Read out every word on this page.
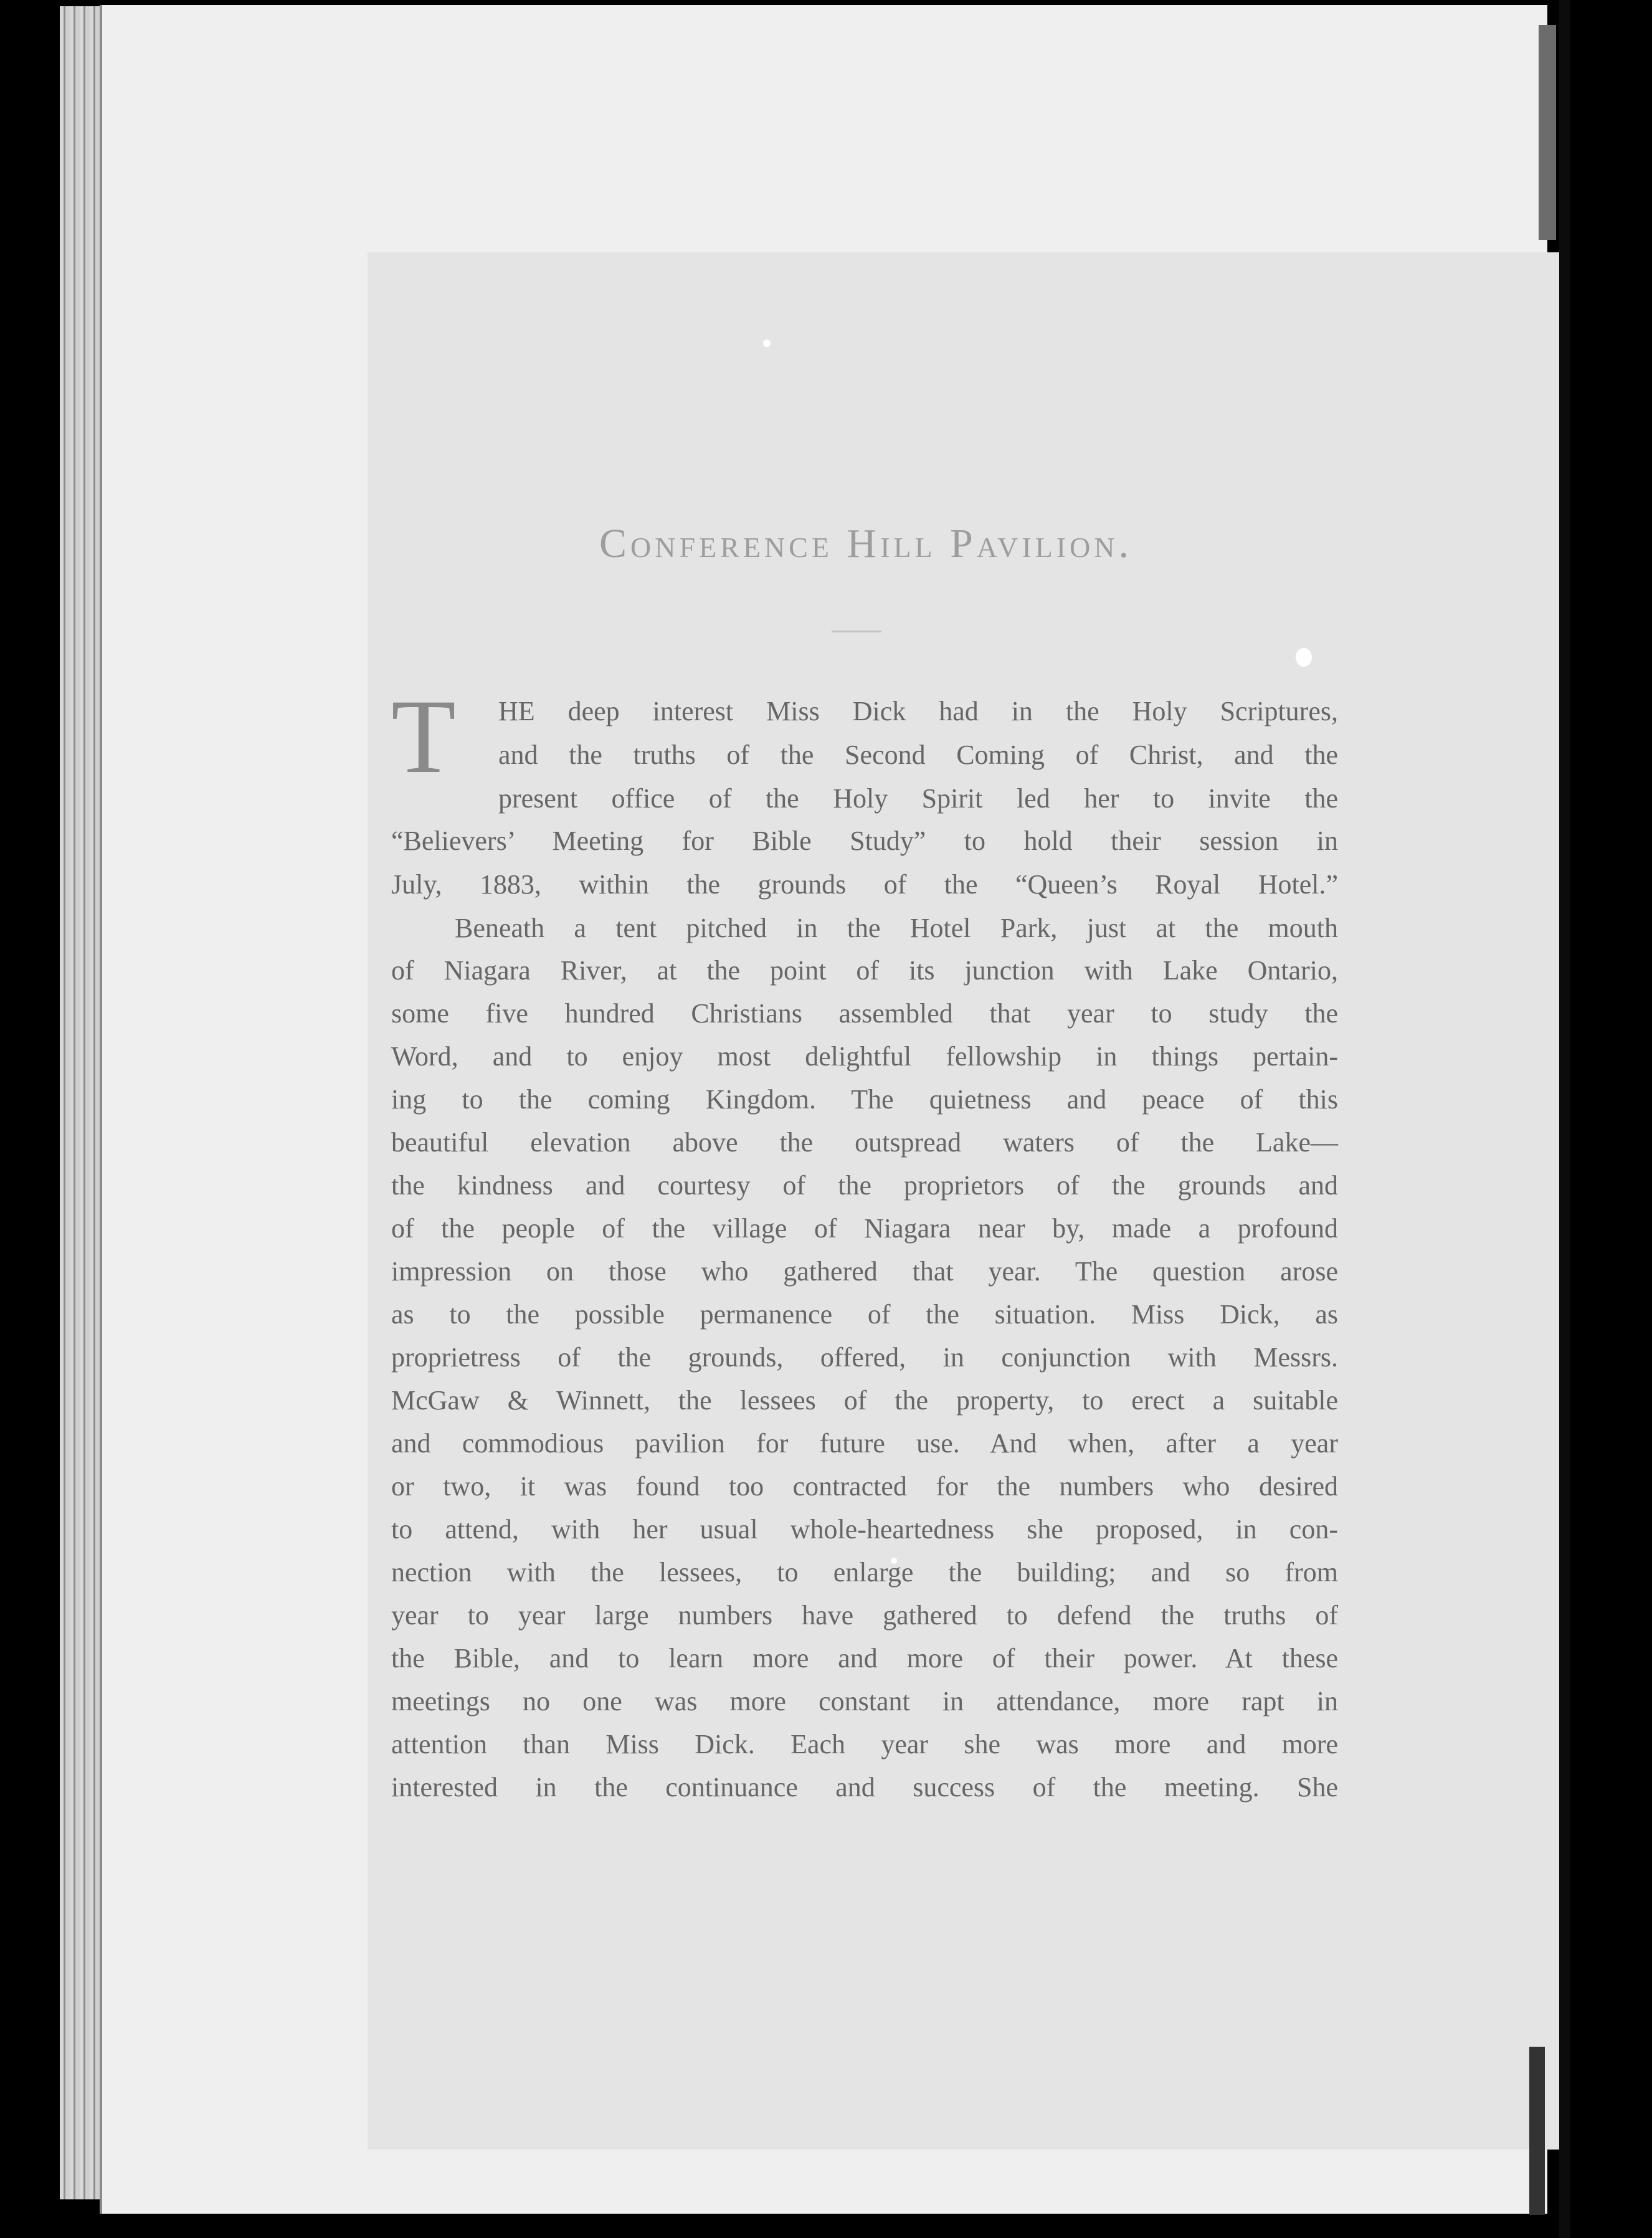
Conference Hill Pavilion.
T HE deep interest Miss Dick had in the Holy Scriptures,
and the truths of the Second Coming of Christ, and the
present office of the Holy Spirit led her to invite the
“Believers’ Meeting for Bible Study” to hold their session in
July, 1883, within the grounds of the “Queen’s Royal Hotel.”
Beneath a tent pitched in the Hotel Park, just at the mouth
of Niagara River, at the point of its junction with Lake Ontario,
some five hundred Christians assembled that year to study the
Word, and to enjoy most delightful fellowship in things pertain-
ing to the coming Kingdom. The quietness and peace of this
beautiful elevation above the outspread waters of the Lake—
the kindness and courtesy of the proprietors of the grounds and
of the people of the village of Niagara near by, made a profound
impression on those who gathered that year. The question arose
as to the possible permanence of the situation. Miss Dick, as
proprietress of the grounds, offered, in conjunction with Messrs.
McGaw & Winnett, the lessees of the property, to erect a suitable
and commodious pavilion for future use. And when, after a year
or two, it was found too contracted for the numbers who desired
to attend, with her usual whole-heartedness she proposed, in con-
nection with the lessees, to enlarge the building; and so from
year to year large numbers have gathered to defend the truths of
the Bible, and to learn more and more of their power. At these
meetings no one was more constant in attendance, more rapt in
attention than Miss Dick. Each year she was more and more
interested in the continuance and success of the meeting. She
